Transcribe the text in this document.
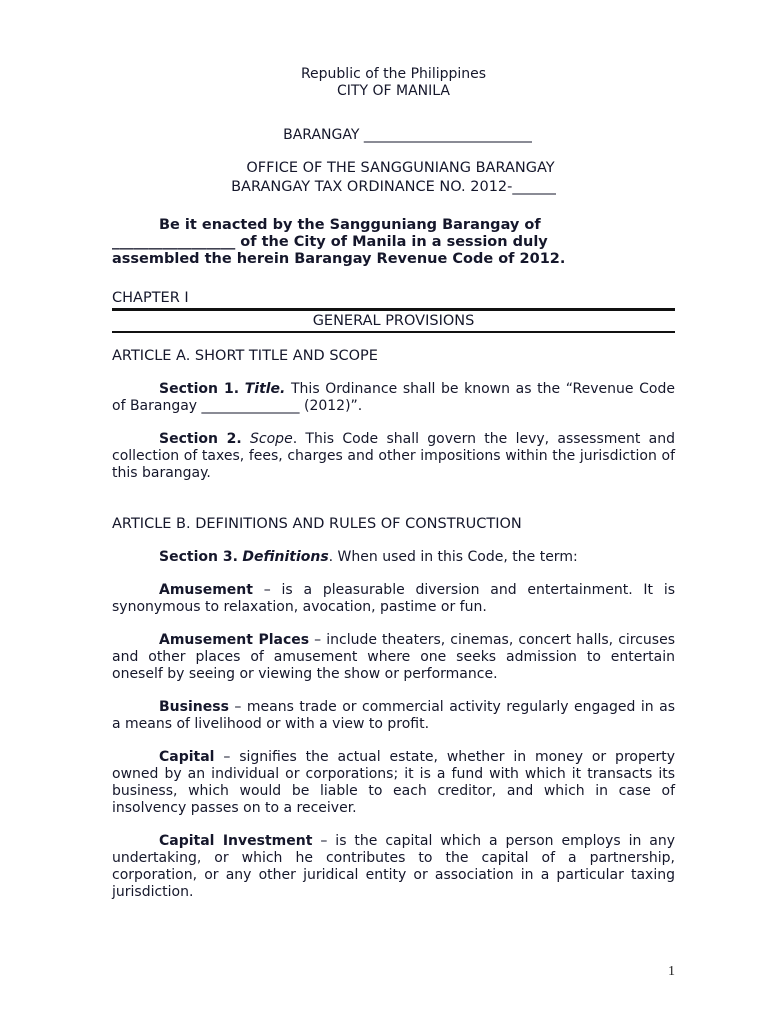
Republic of the Philippines
CITY OF MANILA
BARANGAY ________________________
OFFICE OF THE SANGGUNIANG BARANGAY
BARANGAY TAX ORDINANCE NO. 2012-______
Be it enacted by the Sangguniang Barangay of
_________________ of the City of Manila in a session duly
assembled the herein Barangay Revenue Code of 2012.
CHAPTER I
GENERAL PROVISIONS
ARTICLE A. SHORT TITLE AND SCOPE

Section 1. Title. This Ordinance shall be known as the “Revenue Code of Barangay ______________ (2012)”.

Section 2. Scope. This Code shall govern the levy, assessment and collection of taxes, fees, charges and other impositions within the jurisdiction of this barangay.

ARTICLE B. DEFINITIONS AND RULES OF CONSTRUCTION

Section 3. Definitions. When used in this Code, the term:

Amusement – is a pleasurable diversion and entertainment. It is synonymous to relaxation, avocation, pastime or fun.

Amusement Places – include theaters, cinemas, concert halls, circuses and other places of amusement where one seeks admission to entertain oneself by seeing or viewing the show or performance.

Business – means trade or commercial activity regularly engaged in as a means of livelihood or with a view to profit.

Capital – signifies the actual estate, whether in money or property owned by an individual or corporations; it is a fund with which it transacts its business, which would be liable to each creditor, and which in case of insolvency passes on to a receiver.

Capital Investment – is the capital which a person employs in any undertaking, or which he contributes to the capital of a partnership, corporation, or any other juridical entity or association in a particular taxing jurisdiction.

1
